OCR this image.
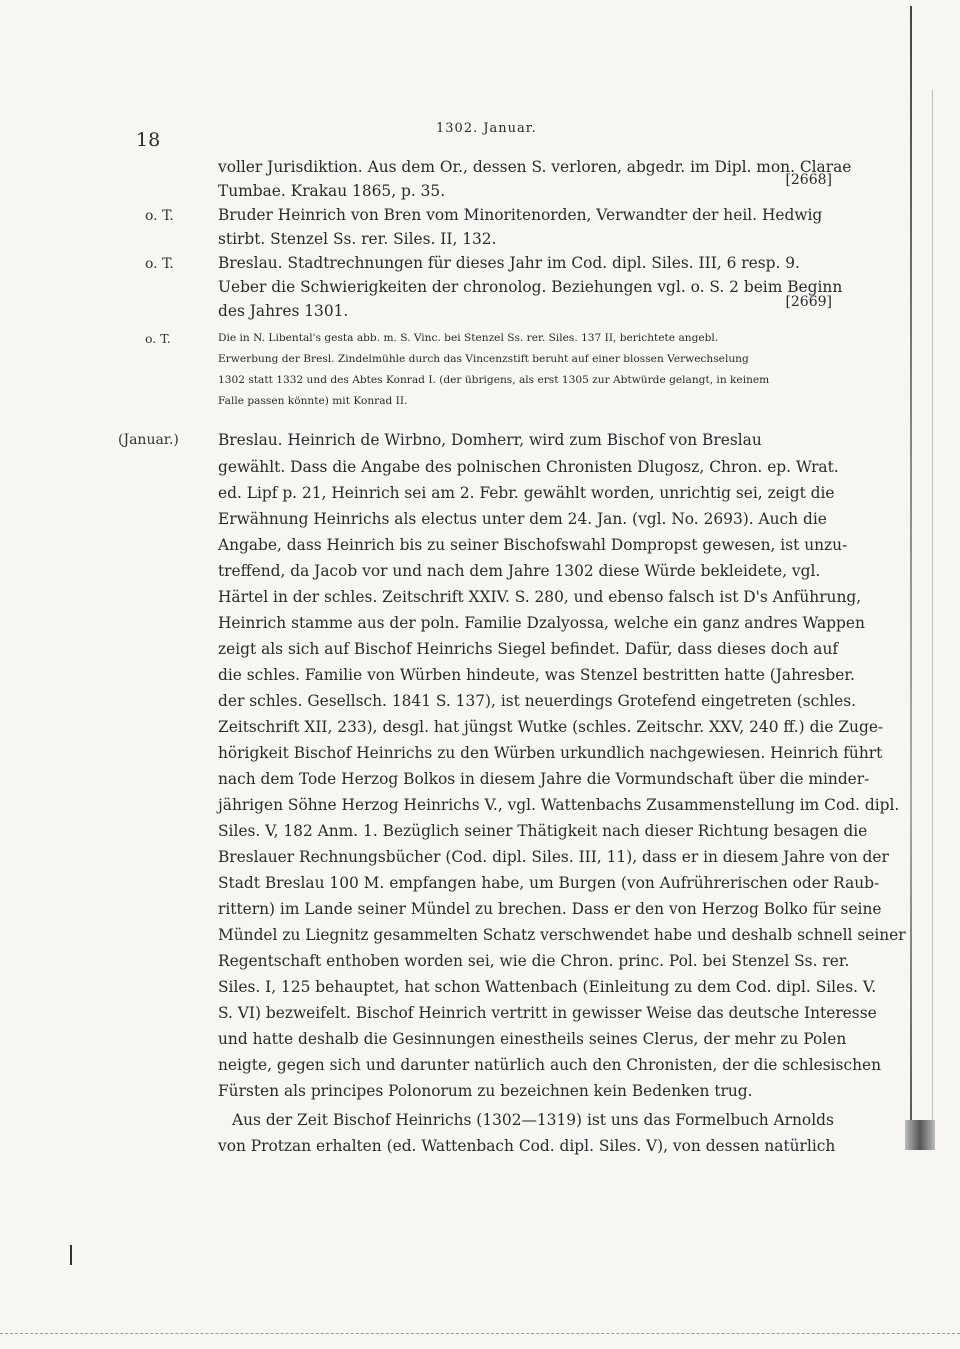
18
1302. Januar.
o. T.
o. T.
o. T.
(Januar.)
[2668]
[2669]
voller Jurisdiktion. Aus dem Or., dessen S. verloren, abgedr. im Dipl. mon. Clarae
Tumbae. Krakau 1865, p. 35.
Bruder Heinrich von Bren vom Minoritenorden, Verwandter der heil. Hedwig
stirbt. Stenzel Ss. rer. Siles. II, 132.
Breslau. Stadtrechnungen für dieses Jahr im Cod. dipl. Siles. III, 6 resp. 9.
Ueber die Schwierigkeiten der chronolog. Beziehungen vgl. o. S. 2 beim Beginn
des Jahres 1301.
Die in N. Libental's gesta abb. m. S. Vinc. bei Stenzel Ss. rer. Siles. 137 II, berichtete angebl.
Erwerbung der Bresl. Zindelmühle durch das Vincenzstift beruht auf einer blossen Verwechselung
1302 statt 1332 und des Abtes Konrad I. (der übrigens, als erst 1305 zur Abtwürde gelangt, in keinem
Falle passen könnte) mit Konrad II.
Breslau. Heinrich de Wirbno, Domherr, wird zum Bischof von Breslau
gewählt. Dass die Angabe des polnischen Chronisten Dlugosz, Chron. ep. Wrat.
ed. Lipf p. 21, Heinrich sei am 2. Febr. gewählt worden, unrichtig sei, zeigt die
Erwähnung Heinrichs als electus unter dem 24. Jan. (vgl. No. 2693). Auch die
Angabe, dass Heinrich bis zu seiner Bischofswahl Dompropst gewesen, ist unzu-
treffend, da Jacob vor und nach dem Jahre 1302 diese Würde bekleidete, vgl.
Härtel in der schles. Zeitschrift XXIV. S. 280, und ebenso falsch ist D's Anführung,
Heinrich stamme aus der poln. Familie Dzalyossa, welche ein ganz andres Wappen
zeigt als sich auf Bischof Heinrichs Siegel befindet. Dafür, dass dieses doch auf
die schles. Familie von Würben hindeute, was Stenzel bestritten hatte (Jahresber.
der schles. Gesellsch. 1841 S. 137), ist neuerdings Grotefend eingetreten (schles.
Zeitschrift XII, 233), desgl. hat jüngst Wutke (schles. Zeitschr. XXV, 240 ff.) die Zuge-
hörigkeit Bischof Heinrichs zu den Würben urkundlich nachgewiesen. Heinrich führt
nach dem Tode Herzog Bolkos in diesem Jahre die Vormundschaft über die minder-
jährigen Söhne Herzog Heinrichs V., vgl. Wattenbachs Zusammenstellung im Cod. dipl.
Siles. V, 182 Anm. 1. Bezüglich seiner Thätigkeit nach dieser Richtung besagen die
Breslauer Rechnungsbücher (Cod. dipl. Siles. III, 11), dass er in diesem Jahre von der
Stadt Breslau 100 M. empfangen habe, um Burgen (von Aufrührerischen oder Raub-
rittern) im Lande seiner Mündel zu brechen. Dass er den von Herzog Bolko für seine
Mündel zu Liegnitz gesammelten Schatz verschwendet habe und deshalb schnell seiner
Regentschaft enthoben worden sei, wie die Chron. princ. Pol. bei Stenzel Ss. rer.
Siles. I, 125 behauptet, hat schon Wattenbach (Einleitung zu dem Cod. dipl. Siles. V.
S. VI) bezweifelt. Bischof Heinrich vertritt in gewisser Weise das deutsche Interesse
und hatte deshalb die Gesinnungen einestheils seines Clerus, der mehr zu Polen
neigte, gegen sich und darunter natürlich auch den Chronisten, der die schlesischen
Fürsten als principes Polonorum zu bezeichnen kein Bedenken trug.
Aus der Zeit Bischof Heinrichs (1302—1319) ist uns das Formelbuch Arnolds
von Protzan erhalten (ed. Wattenbach Cod. dipl. Siles. V), von dessen natürlich
